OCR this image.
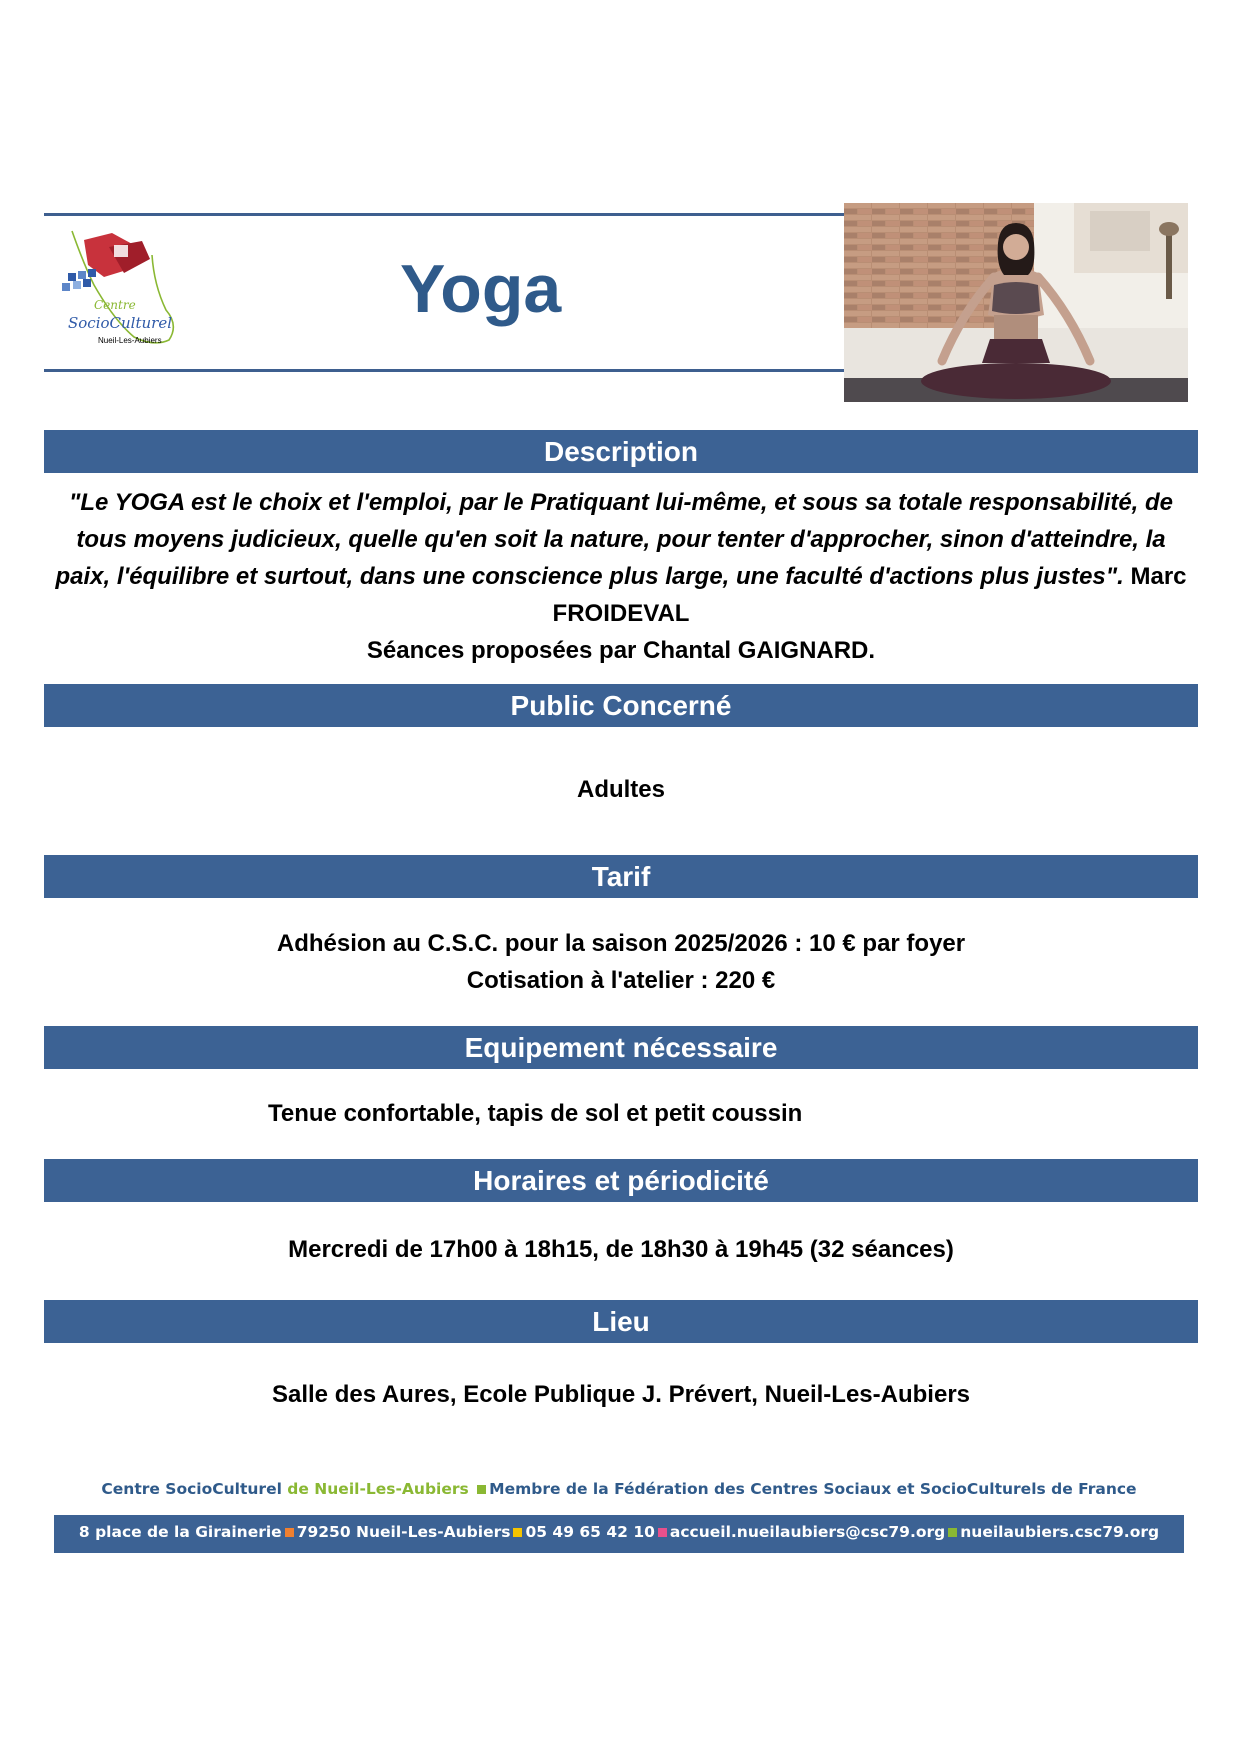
Centre
SocioCulturel
Nueil-Les-Aubiers
Yoga
Description
"Le YOGA est le choix et l'emploi, par le Pratiquant lui-même, et sous sa totale responsabilité, de tous moyens judicieux, quelle qu'en soit la nature, pour tenter d'approcher, sinon d'atteindre, la paix, l'équilibre et surtout, dans une conscience plus large, une faculté d'actions plus justes". Marc FROIDEVAL
Séances proposées par Chantal GAIGNARD.
Public Concerné
Adultes
Tarif
Adhésion au C.S.C. pour la saison 2025/2026 : 10 € par foyer
Cotisation à l'atelier : 220 €
Equipement nécessaire
Tenue confortable, tapis de sol et petit coussin
Horaires et périodicité
Mercredi de 17h00 à 18h15, de 18h30 à 19h45 (32 séances)
Lieu
Salle des Aures, Ecole Publique J. Prévert, Nueil-Les-Aubiers
Centre SocioCulturel de Nueil-Les-Aubiers Membre de la Fédération des Centres Sociaux et SocioCulturels de France
8 place de la Girainerie 79250 Nueil-Les-Aubiers 05 49 65 42 10 accueil.nueilaubiers@csc79.org nueilaubiers.csc79.org
